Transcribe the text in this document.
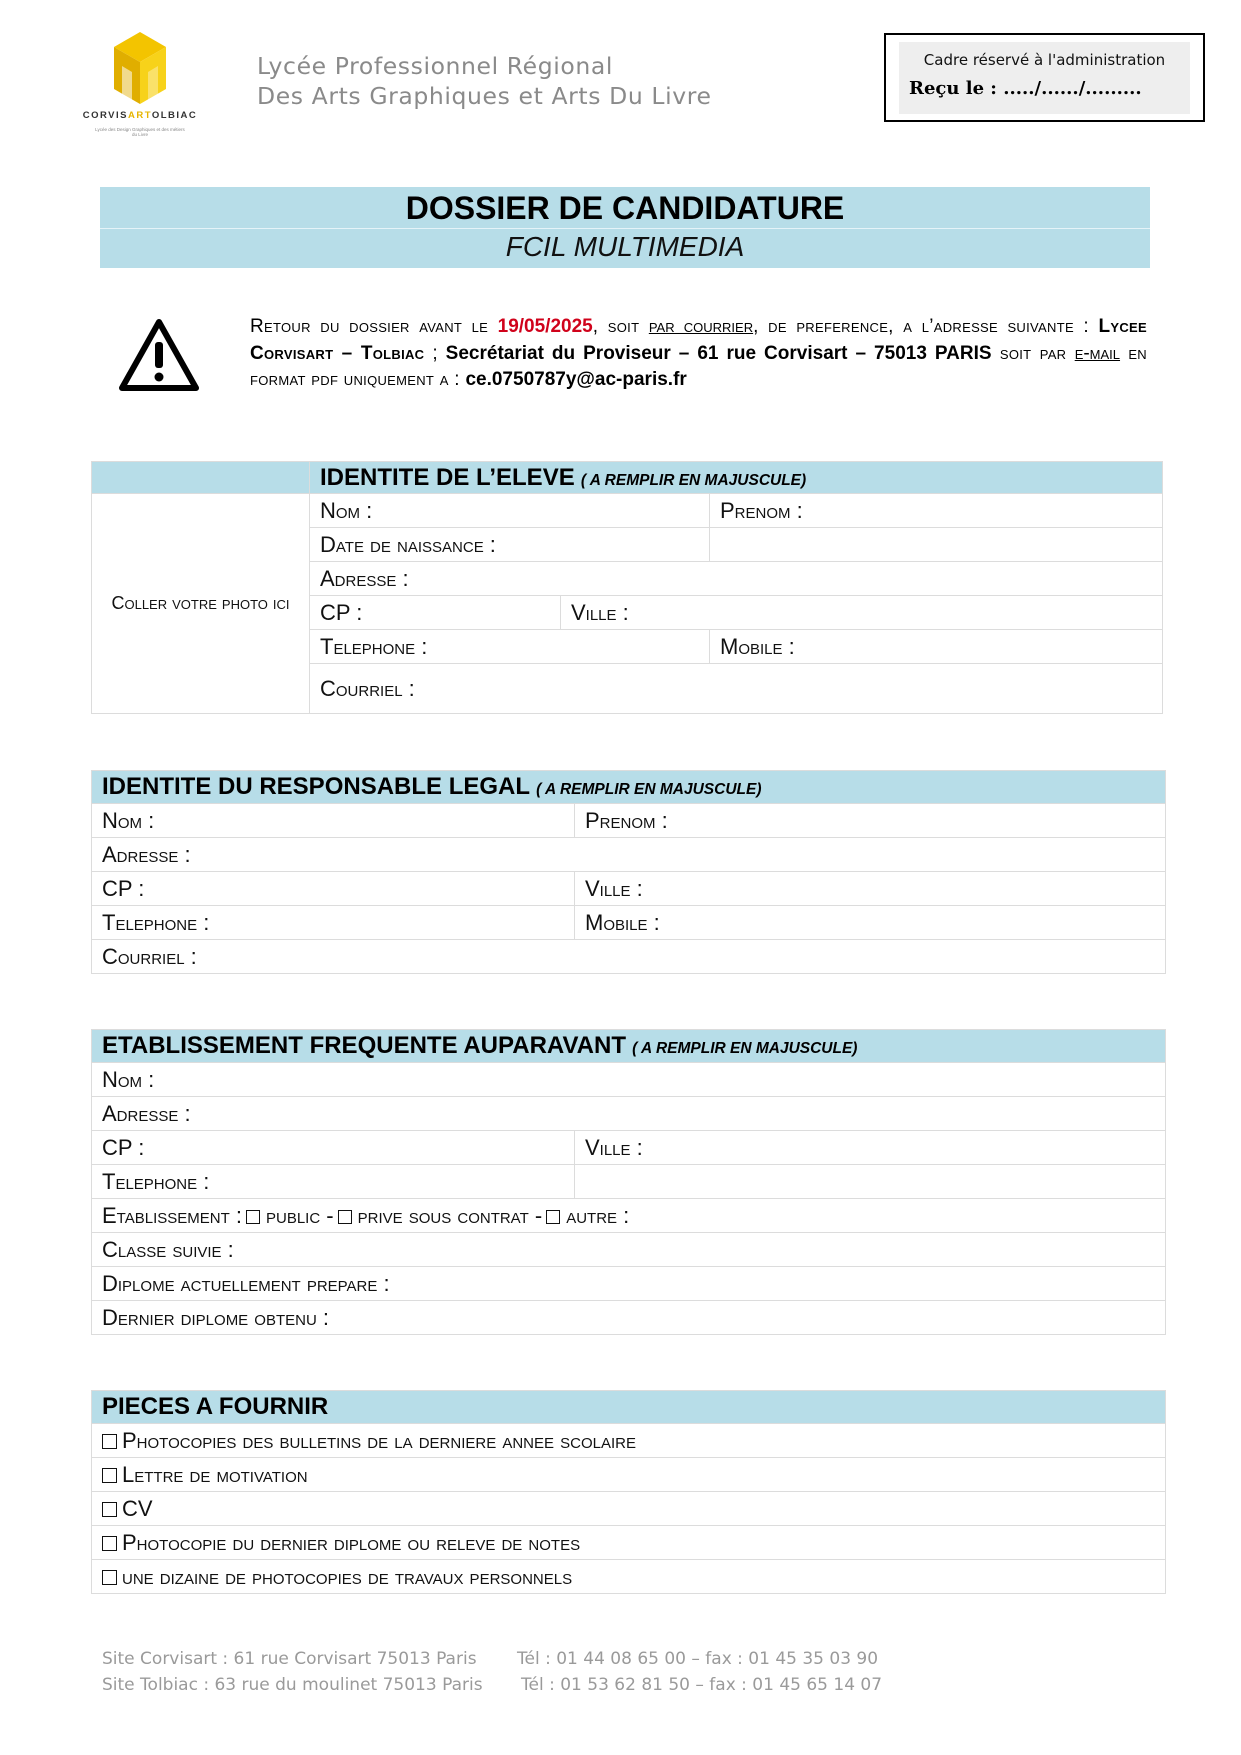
CORVISARTOLBIAC
Lycée des Design Graphiques et des métiers du Livre
Lycée Professionnel Régional
Des Arts Graphiques et Arts Du Livre
Cadre réservé à l'administration
Reçu le : ...../....../.........
DOSSIER DE CANDIDATURE
FCIL MULTIMEDIA
Retour du dossier avant le 19/05/2025, soit par courrier, de preference, a l’adresse suivante : Lycee Corvisart – Tolbiac ; Secrétariat du Proviseur – 61 rue Corvisart – 75013 PARIS soit par e-mail en format pdf uniquement a : ce.0750787y@ac-paris.fr
	IDENTITE DE L’ELEVE ( A REMPLIR EN MAJUSCULE)		
Coller votre photo ici	Nom :		Prenom :
	Date de naissance :		
	Adresse :		
	CP :	Ville :	
	Telephone :		Mobile :
	Courriel :		
IDENTITE DU RESPONSABLE LEGAL ( A REMPLIR EN MAJUSCULE)	
Nom :	Prenom :
Adresse :	
CP :	Ville :
Telephone :	Mobile :
Courriel :	
ETABLISSEMENT FREQUENTE AUPARAVANT ( A REMPLIR EN MAJUSCULE)	
Nom :	
Adresse :	
CP :	Ville :
Telephone :	
Etablissement : public - prive sous contrat - autre :	
Classe suivie :	
Diplome actuellement prepare :	
Dernier diplome obtenu :	
PIECES A FOURNIR
Photocopies des bulletins de la derniere annee scolaire
Lettre de motivation
CV
Photocopie du dernier diplome ou releve de notes
une dizaine de photocopies de travaux personnels
Site Corvisart : 61 rue Corvisart 75013 Paris
Site Tolbiac : 63 rue du moulinet 75013 Paris
Tél : 01 44 08 65 00 – fax : 01 45 35 03 90
Tél : 01 53 62 81 50 – fax : 01 45 65 14 07
